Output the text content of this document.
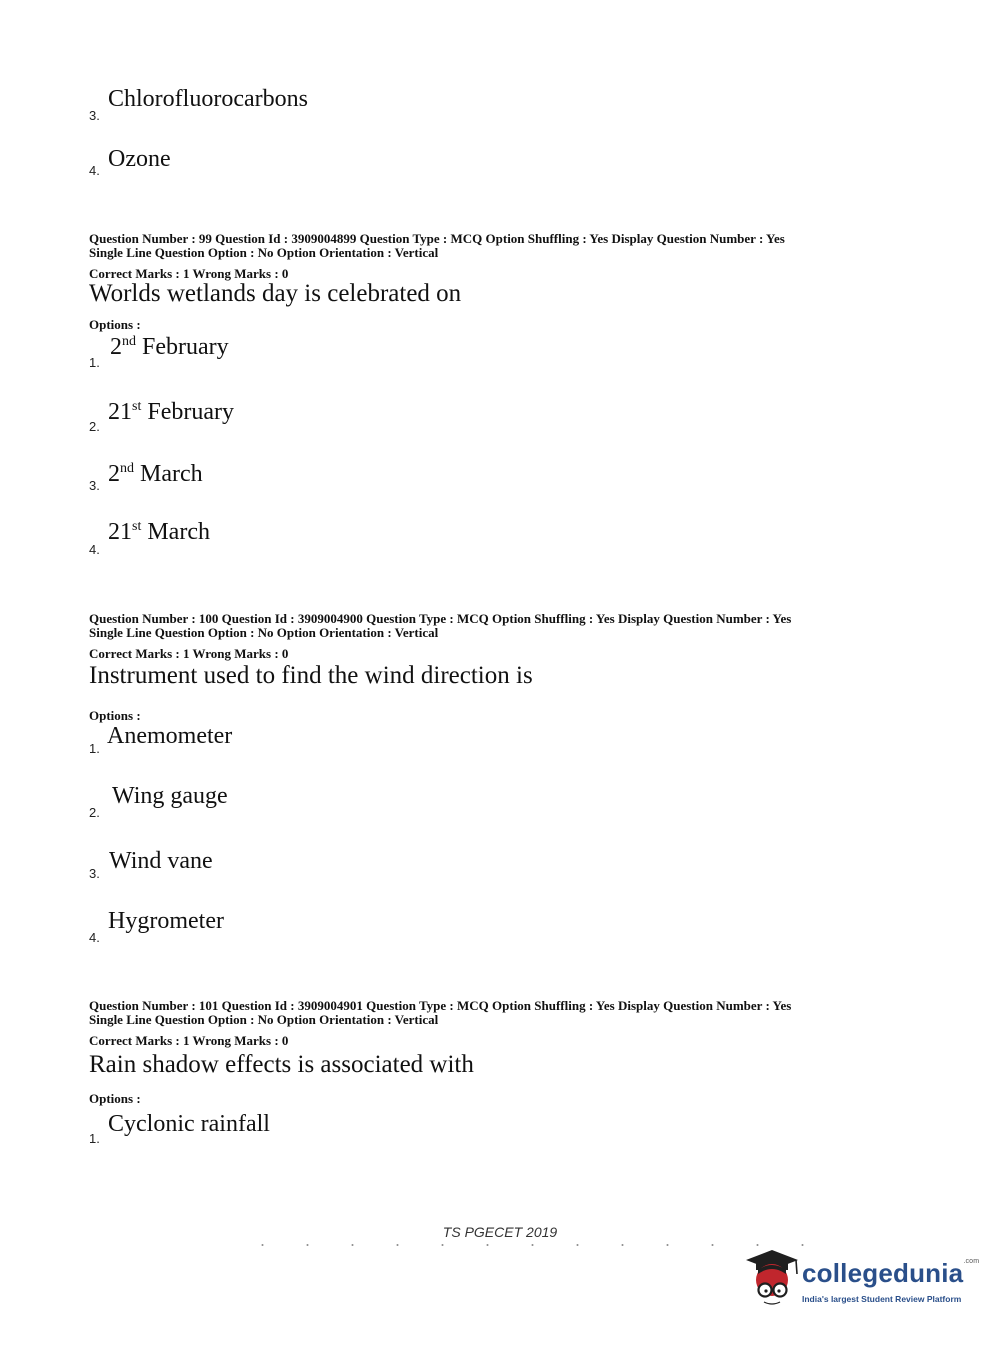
3.
Chlorofluorocarbons
4. Ozone
Question Number : 99 Question Id : 3909004899 Question Type : MCQ Option Shuffling : Yes Display Question Number : Yes
Single Line Question Option : No Option Orientation : Vertical
Correct Marks : 1 Wrong Marks : 0
Worlds wetlands day is celebrated on
Options :
1.
2nd February
2.
21st February
3. 2nd March
4.
21st March
Question Number : 100 Question Id : 3909004900 Question Type : MCQ Option Shuffling : Yes Display Question Number : Yes
Single Line Question Option : No Option Orientation : Vertical
Correct Marks : 1 Wrong Marks : 0
Instrument used to find the wind direction is
Options :
1. Anemometer
2.
Wing gauge
3. Wind vane
4.
Hygrometer
Question Number : 101 Question Id : 3909004901 Question Type : MCQ Option Shuffling : Yes Display Question Number : Yes
Single Line Question Option : No Option Orientation : Vertical
Correct Marks : 1 Wrong Marks : 0
Rain shadow effects is associated with
Options :
1.
Cyclonic rainfall
TS PGECET 2019
collegedunia$^{.com}$
India's largest Student Review Platform
